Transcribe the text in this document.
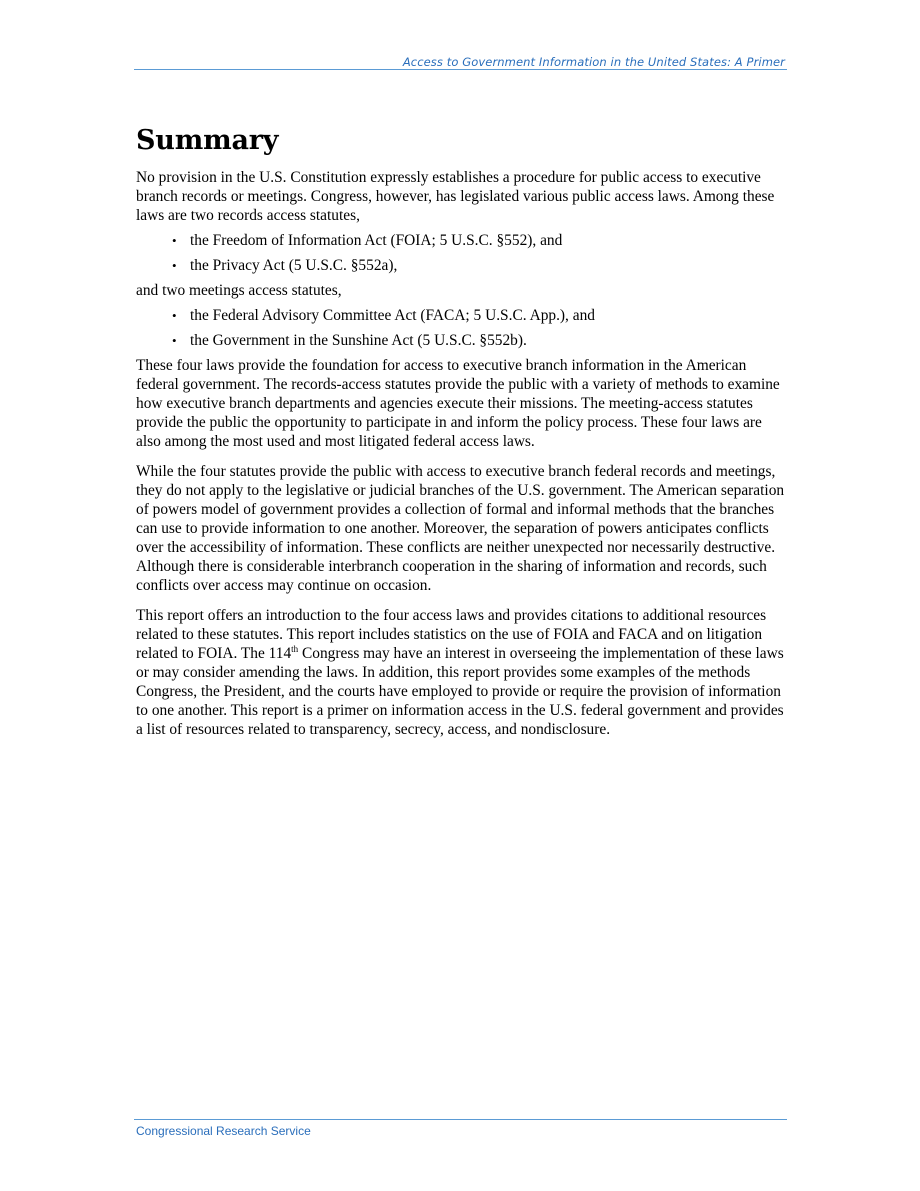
Access to Government Information in the United States: A Primer
Summary

No provision in the U.S. Constitution expressly establishes a procedure for public access to executive branch records or meetings. Congress, however, has legislated various public access laws. Among these laws are two records access statutes,

• the Freedom of Information Act (FOIA; 5 U.S.C. §552), and
• the Privacy Act (5 U.S.C. §552a),

and two meetings access statutes,

• the Federal Advisory Committee Act (FACA; 5 U.S.C. App.), and
• the Government in the Sunshine Act (5 U.S.C. §552b).

These four laws provide the foundation for access to executive branch information in the American federal government. The records-access statutes provide the public with a variety of methods to examine how executive branch departments and agencies execute their missions. The meeting-access statutes provide the public the opportunity to participate in and inform the policy process. These four laws are also among the most used and most litigated federal access laws.

While the four statutes provide the public with access to executive branch federal records and meetings, they do not apply to the legislative or judicial branches of the U.S. government. The American separation of powers model of government provides a collection of formal and informal methods that the branches can use to provide information to one another. Moreover, the separation of powers anticipates conflicts over the accessibility of information. These conflicts are neither unexpected nor necessarily destructive. Although there is considerable interbranch cooperation in the sharing of information and records, such conflicts over access may continue on occasion.

This report offers an introduction to the four access laws and provides citations to additional resources related to these statutes. This report includes statistics on the use of FOIA and FACA and on litigation related to FOIA. The 114th Congress may have an interest in overseeing the implementation of these laws or may consider amending the laws. In addition, this report provides some examples of the methods Congress, the President, and the courts have employed to provide or require the provision of information to one another. This report is a primer on information access in the U.S. federal government and provides a list of resources related to transparency, secrecy, access, and nondisclosure.

Congressional Research Service
